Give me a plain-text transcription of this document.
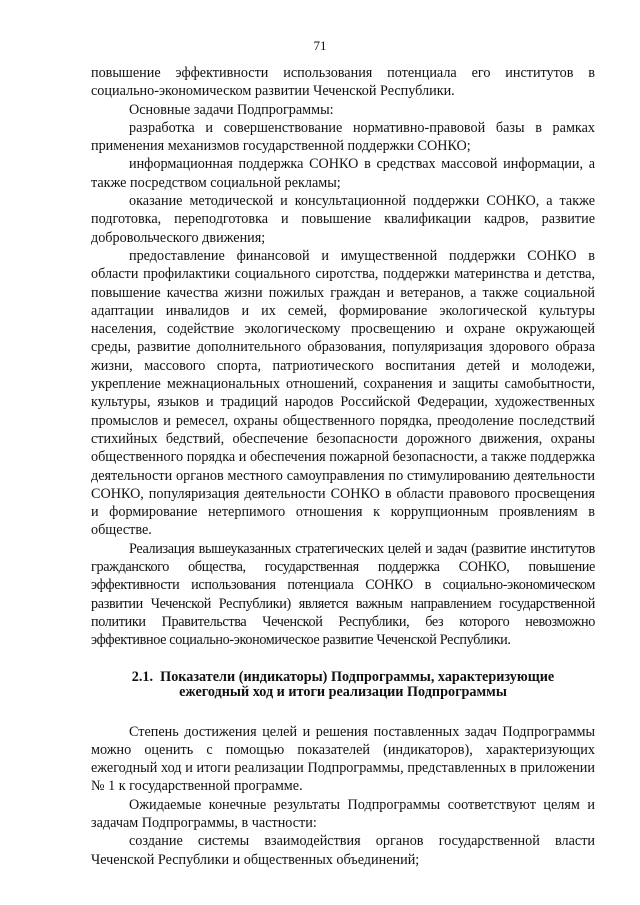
71

повышение эффективности использования потенциала его институтов в социально-экономическом развитии Чеченской Республики.

Основные задачи Подпрограммы:

разработка и совершенствование нормативно-правовой базы в рамках применения механизмов государственной поддержки СОНКО;

информационная поддержка СОНКО в средствах массовой информации, а также посредством социальной рекламы;

оказание методической и консультационной поддержки СОНКО, а также подготовка, переподготовка и повышение квалификации кадров, развитие добровольческого движения;

предоставление финансовой и имущественной поддержки СОНКО в области профилактики социального сиротства, поддержки материнства и детства, повышение качества жизни пожилых граждан и ветеранов, а также социальной адаптации инвалидов и их семей, формирование экологической культуры населения, содействие экологическому просвещению и охране окружающей среды, развитие дополнительного образования, популяризация здорового образа жизни, массового спорта, патриотического воспитания детей и молодежи, укрепление межнациональных отношений, сохранения и защиты самобытности, культуры, языков и традиций народов Российской Федерации, художественных промыслов и ремесел, охраны общественного порядка, преодоление последствий стихийных бедствий, обеспечение безопасности дорожного движения, охраны общественного порядка и обеспечения пожарной безопасности, а также поддержка деятельности органов местного самоуправления по стимулированию деятельности СОНКО, популяризация деятельности СОНКО в области правового просвещения и формирование нетерпимого отношения к коррупционным проявлениям в обществе.

Реализация вышеуказанных стратегических целей и задач (развитие институтов гражданского общества, государственная поддержка СОНКО, повышение эффективности использования потенциала СОНКО в социально-экономическом развитии Чеченской Республики) является важным направлением государственной политики Правительства Чеченской Республики, без которого невозможно эффективное социально-экономическое развитие Чеченской Республики.

2.1. Показатели (индикаторы) Подпрограммы, характеризующие
ежегодный ход и итоги реализации Подпрограммы

Степень достижения целей и решения поставленных задач Подпрограммы можно оценить с помощью показателей (индикаторов), характеризующих ежегодный ход и итоги реализации Подпрограммы, представленных в приложении № 1 к государственной программе.

Ожидаемые конечные результаты Подпрограммы соответствуют целям и задачам Подпрограммы, в частности:

создание системы взаимодействия органов государственной власти Чеченской Республики и общественных объединений;
